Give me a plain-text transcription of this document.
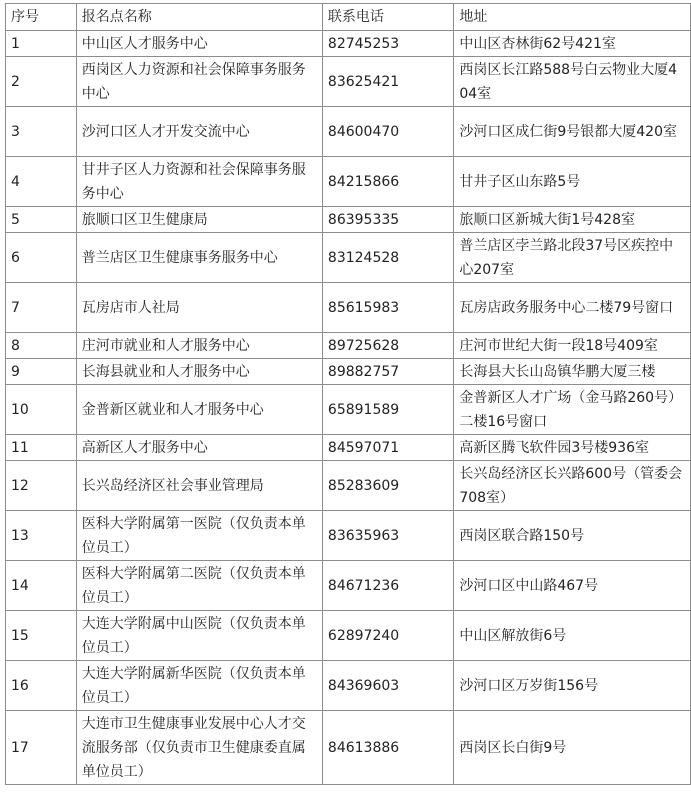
序号	报名点名称	联系电话	地址
1	中山区人才服务中心	82745253	中山区杏林街62号421室
2	西岗区人力资源和社会保障事务服务中心	83625421	西岗区长江路588号白云物业大厦404室
3	沙河口区人才开发交流中心	84600470	沙河口区成仁街9号银都大厦420室
4	甘井子区人力资源和社会保障事务服务中心	84215866	甘井子区山东路5号
5	旅顺口区卫生健康局	86395335	旅顺口区新城大街1号428室
6	普兰店区卫生健康事务服务中心	83124528	普兰店区孛兰路北段37号区疾控中心207室
7	瓦房店市人社局	85615983	瓦房店政务服务中心二楼79号窗口
8	庄河市就业和人才服务中心	89725628	庄河市世纪大街一段18号409室
9	长海县就业和人才服务中心	89882757	长海县大长山岛镇华鹏大厦三楼
10	金普新区就业和人才服务中心	65891589	金普新区人才广场（金马路260号）二楼16号窗口
11	高新区人才服务中心	84597071	高新区腾飞软件园3号楼936室
12	长兴岛经济区社会事业管理局	85283609	长兴岛经济区长兴路600号（管委会708室）
13	医科大学附属第一医院（仅负责本单位员工）	83635963	西岗区联合路150号
14	医科大学附属第二医院（仅负责本单位员工）	84671236	沙河口区中山路467号
15	大连大学附属中山医院（仅负责本单位员工）	62897240	中山区解放街6号
16	大连大学附属新华医院（仅负责本单位员工）	84369603	沙河口区万岁街156号
17	大连市卫生健康事业发展中心人才交流服务部（仅负责市卫生健康委直属单位员工）	84613886	西岗区长白街9号
